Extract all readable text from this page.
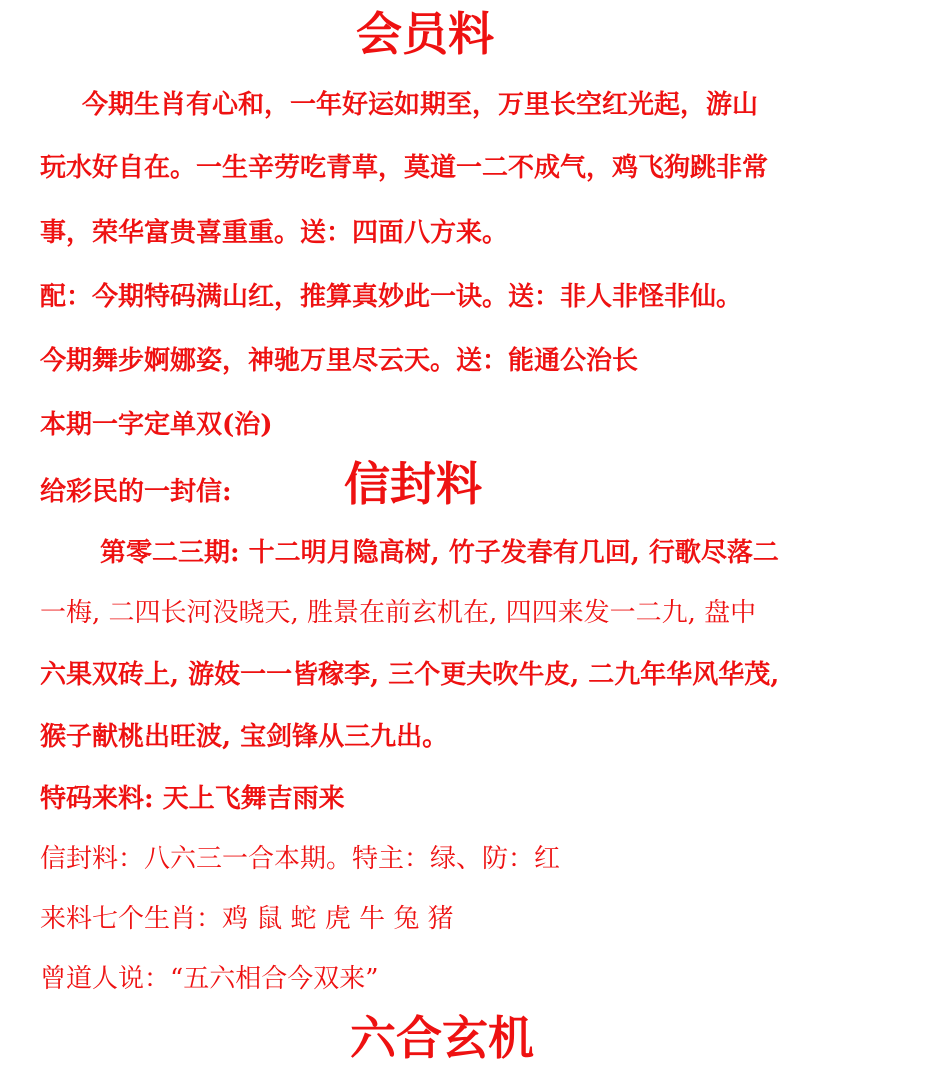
会员料
今期生肖有心和，一年好运如期至，万里长空红光起，游山
玩水好自在。一生辛劳吃青草，莫道一二不成气，鸡飞狗跳非常
事，荣华富贵喜重重。送：四面八方来。
配：今期特码满山红，推算真妙此一诀。送：非人非怪非仙。
今期舞步婀娜姿，神驰万里尽云天。送：能通公治长
本期一字定单双(治)
给彩民的一封信: 信封料
第零二三期: 十二明月隐高树, 竹子发春有几回, 行歌尽落二
一梅, 二四长河没晓天, 胜景在前玄机在, 四四来发一二九, 盘中
六果双砖上, 游妓一一皆稼李, 三个更夫吹牛皮, 二九年华风华茂,
猴子献桃出旺波, 宝剑锋从三九出。
特码来料: 天上飞舞吉雨来
信封料：八六三一合本期。特主：绿、防：红
来料七个生肖：鸡 鼠 蛇 虎 牛 兔 猪
曾道人说：“五六相合今双来”
六合玄机
